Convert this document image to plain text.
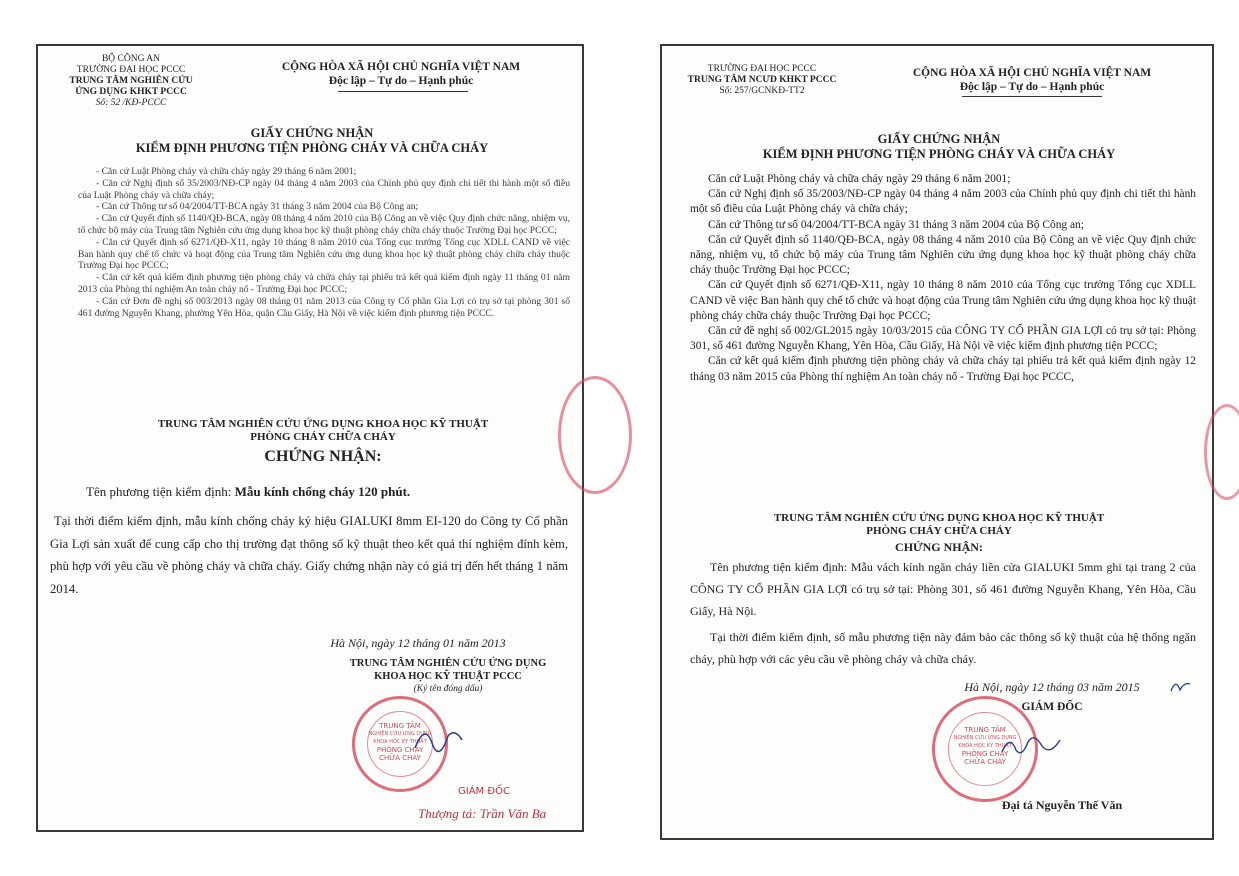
BỘ CÔNG AN
TRƯỜNG ĐẠI HỌC PCCC
TRUNG TÂM NGHIÊN CỨU
ỨNG DỤNG KHKT PCCC
Số: 52 /KĐ-PCCC
CỘNG HÒA XÃ HỘI CHỦ NGHĨA VIỆT NAM
Độc lập – Tự do – Hạnh phúc
GIẤY CHỨNG NHẬN
KIỂM ĐỊNH PHƯƠNG TIỆN PHÒNG CHÁY VÀ CHỮA CHÁY

- Căn cứ Luật Phòng cháy và chữa cháy ngày 29 tháng 6 năm 2001;

- Căn cứ Nghị định số 35/2003/NĐ-CP ngày 04 tháng 4 năm 2003 của Chính phủ quy định chi tiết thi hành một số điều của Luật Phòng cháy và chữa cháy;

- Căn cứ Thông tư số 04/2004/TT-BCA ngày 31 tháng 3 năm 2004 của Bộ Công an;

- Căn cứ Quyết định số 1140/QĐ-BCA, ngày 08 tháng 4 năm 2010 của Bộ Công an về việc Quy định chức năng, nhiệm vụ, tổ chức bộ máy của Trung tâm Nghiên cứu ứng dụng khoa học kỹ thuật phòng cháy chữa cháy thuộc Trường Đại học PCCC;

- Căn cứ Quyết định số 6271/QĐ-X11, ngày 10 tháng 8 năm 2010 của Tổng cục trưởng Tổng cục XDLL CAND về việc Ban hành quy chế tổ chức và hoạt động của Trung tâm Nghiên cứu ứng dụng khoa học kỹ thuật phòng cháy chữa cháy thuộc Trường Đại học PCCC;

- Căn cứ kết quả kiểm định phương tiện phòng cháy và chữa cháy tại phiếu trả kết quả kiểm định ngày 11 tháng 01 năm 2013 của Phòng thí nghiệm An toàn cháy nổ - Trường Đại học PCCC;

- Căn cứ Đơn đề nghị số 003/2013 ngày 08 tháng 01 năm 2013 của Công ty Cổ phần Gia Lợi có trụ sở tại phòng 301 số 461 đường Nguyễn Khang, phường Yên Hòa, quận Cầu Giấy, Hà Nội về việc kiểm định phương tiện PCCC.

TRUNG TÂM NGHIÊN CỨU ỨNG DỤNG KHOA HỌC KỸ THUẬT
PHÒNG CHÁY CHỮA CHÁY
CHỨNG NHẬN:
Tên phương tiện kiểm định: Mẫu kính chống cháy 120 phút.
Tại thời điểm kiểm định, mẫu kính chống cháy ký hiệu GIALUKI 8mm EI-120 do Công ty Cổ phần Gia Lợi sản xuất để cung cấp cho thị trường đạt thông số kỹ thuật theo kết quả thí nghiệm đính kèm, phù hợp với yêu cầu về phòng cháy và chữa cháy. Giấy chứng nhận này có giá trị đến hết tháng 1 năm 2014.
Hà Nội, ngày 12 tháng 01 năm 2013
TRUNG TÂM NGHIÊN CỨU ỨNG DỤNG
KHOA HỌC KỸ THUẬT PCCC
(Ký tên đóng dấu)
TRUNG TÂM
NGHIÊN CỨU ỨNG DỤNG
KHOA HỌC KỸ THUẬT
PHÒNG CHÁY
CHỮA CHÁY
GIÁM ĐỐC
Thượng tá: Trần Văn Ba
TRƯỜNG ĐẠI HỌC PCCC
TRUNG TÂM NCƯD KHKT PCCC
Số: 257/GCNKĐ-TT2
CỘNG HÒA XÃ HỘI CHỦ NGHĨA VIỆT NAM
Độc lập – Tự do – Hạnh phúc
GIẤY CHỨNG NHẬN
KIỂM ĐỊNH PHƯƠNG TIỆN PHÒNG CHÁY VÀ CHỮA CHÁY

Căn cứ Luật Phòng cháy và chữa cháy ngày 29 tháng 6 năm 2001;

Căn cứ Nghị định số 35/2003/NĐ-CP ngày 04 tháng 4 năm 2003 của Chính phủ quy định chi tiết thi hành một số điều của Luật Phòng cháy và chữa cháy;

Căn cứ Thông tư số 04/2004/TT-BCA ngày 31 tháng 3 năm 2004 của Bộ Công an;

Căn cứ Quyết định số 1140/QĐ-BCA, ngày 08 tháng 4 năm 2010 của Bộ Công an về việc Quy định chức năng, nhiệm vụ, tổ chức bộ máy của Trung tâm Nghiên cứu ứng dụng khoa học kỹ thuật phòng cháy chữa cháy thuộc Trường Đại học PCCC;

Căn cứ Quyết định số 6271/QĐ-X11, ngày 10 tháng 8 năm 2010 của Tổng cục trưởng Tổng cục XDLL CAND về việc Ban hành quy chế tổ chức và hoạt động của Trung tâm Nghiên cứu ứng dụng khoa học kỹ thuật phòng cháy chữa cháy thuộc Trường Đại học PCCC;

Căn cứ đề nghị số 002/GL2015 ngày 10/03/2015 của CÔNG TY CỔ PHẦN GIA LỢI có trụ sở tại: Phòng 301, số 461 đường Nguyễn Khang, Yên Hòa, Cầu Giấy, Hà Nội về việc kiểm định phương tiện PCCC;

Căn cứ kết quả kiểm định phương tiện phòng cháy và chữa cháy tại phiếu trả kết quả kiểm định ngày 12 tháng 03 năm 2015 của Phòng thí nghiệm An toàn cháy nổ - Trường Đại học PCCC,

TRUNG TÂM NGHIÊN CỨU ỨNG DỤNG KHOA HỌC KỸ THUẬT
PHÒNG CHÁY CHỮA CHÁY
CHỨNG NHẬN:
Tên phương tiện kiểm định: Mẫu vách kính ngăn cháy liền cửa GIALUKI 5mm ghi tại trang 2 của CÔNG TY CỔ PHẦN GIA LỢI có trụ sở tại: Phòng 301, số 461 đường Nguyễn Khang, Yên Hòa, Cầu Giấy, Hà Nội.
Tại thời điểm kiểm định, số mẫu phương tiện này đảm bảo các thông số kỹ thuật của hệ thống ngăn cháy, phù hợp với các yêu cầu về phòng cháy và chữa cháy.
Hà Nội, ngày 12 tháng 03 năm 2015
GIÁM ĐỐC
TRUNG TÂM
NGHIÊN CỨU ỨNG DỤNG
KHOA HỌC KỸ THUẬT
PHÒNG CHÁY
CHỮA CHÁY
Đại tá Nguyễn Thế Văn
